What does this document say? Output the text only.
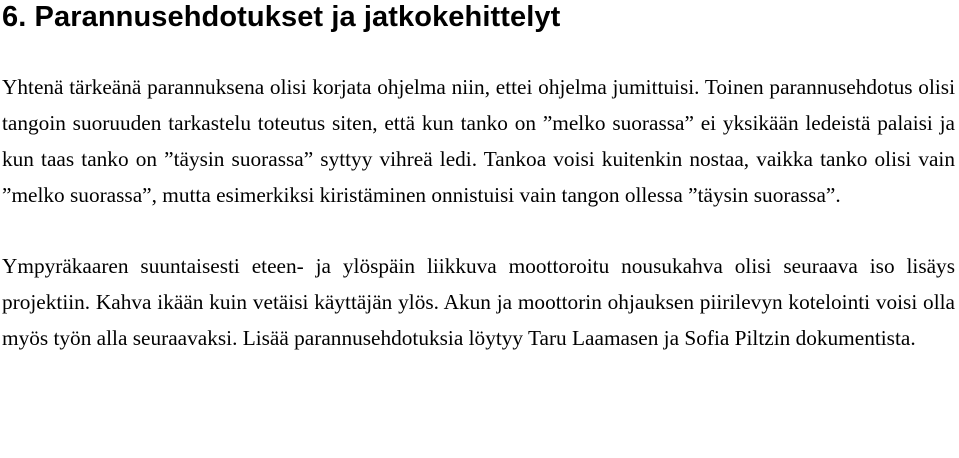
6. Parannusehdotukset ja jatkokehittelyt

Yhtenä tärkeänä parannuksena olisi korjata ohjelma niin, ettei ohjelma jumittuisi. Toinen parannusehdotus olisi tangoin suoruuden tarkastelu toteutus siten, että kun tanko on ”melko suorassa” ei yksikään ledeistä palaisi ja kun taas tanko on ”täysin suorassa” syttyy vihreä ledi. Tankoa voisi kuitenkin nostaa, vaikka tanko olisi vain ”melko suorassa”, mutta esimerkiksi kiristäminen onnistuisi vain tangon ollessa ”täysin suorassa”.

Ympyräkaaren suuntaisesti eteen- ja ylöspäin liikkuva moottoroitu nousukahva olisi seuraava iso lisäys projektiin. Kahva ikään kuin vetäisi käyttäjän ylös. Akun ja moottorin ohjauksen piirilevyn kotelointi voisi olla myös työn alla seuraavaksi. Lisää parannusehdotuksia löytyy Taru Laamasen ja Sofia Piltzin dokumentista.
